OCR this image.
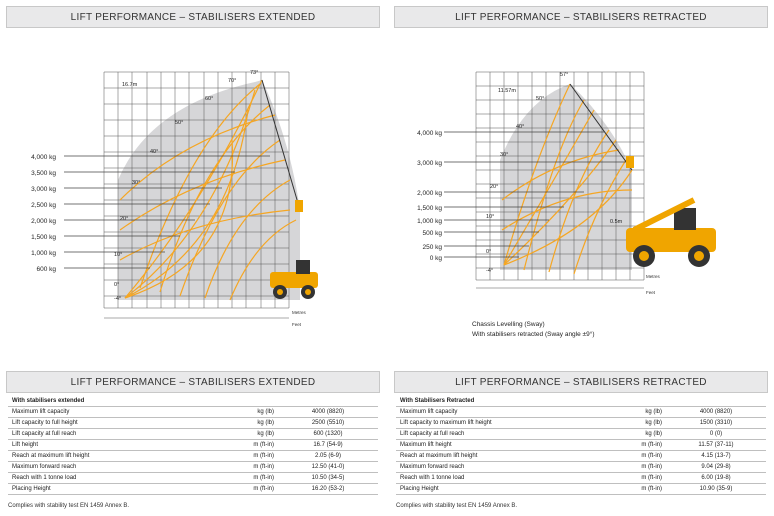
LIFT PERFORMANCE – STABILISERS EXTENDED	LIFT PERFORMANCE – STABILISERS RETRACTED
4,000 kg
3,500 kg
3,000 kg
2,500 kg
2,000 kg
1,500 kg
1,000 kg
600 kg
73°
70°
60°
50°
40°
30°
20°
10°
0°
-4°
16.7m
Metres
Feet
4,000 kg
3,000 kg
2,000 kg
1,500 kg
1,000 kg
500 kg
250 kg
0 kg
57°
50°
40°
30°
20°
10°
0°
-4°
11.57m
0.5m
Metres
Feet
Chassis Levelling (Sway)
With stabilisers retracted (Sway angle ±9°)
LIFT PERFORMANCE – STABILISERS EXTENDED	LIFT PERFORMANCE – STABILISERS RETRACTED
With stabilisers extended		
Maximum lift capacity	kg (lb)	4000 (8820)
Lift capacity to full height	kg (lb)	2500 (5510)
Lift capacity at full reach	kg (lb)	600 (1320)
Lift height	m (ft-in)	16.7 (54-9)
Reach at maximum lift height	m (ft-in)	2.05 (6-9)
Maximum forward reach	m (ft-in)	12.50 (41-0)
Reach with 1 tonne load	m (ft-in)	10.50 (34-5)
Placing Height	m (ft-in)	16.20 (53-2)
With Stabilisers Retracted		
Maximum lift capacity	kg (lb)	4000 (8820)
Lift capacity to maximum lift height	kg (lb)	1500 (3310)
Lift capacity at full reach	kg (lb)	0 (0)
Maximum lift height	m (ft-in)	11.57 (37-11)
Reach at maximum lift height	m (ft-in)	4.15 (13-7)
Maximum forward reach	m (ft-in)	9.04 (29-8)
Reach with 1 tonne load	m (ft-in)	6.00 (19-8)
Placing Height	m (ft-in)	10.90 (35-9)
Complies with stability test EN 1459 Annex B.	Complies with stability test EN 1459 Annex B.
